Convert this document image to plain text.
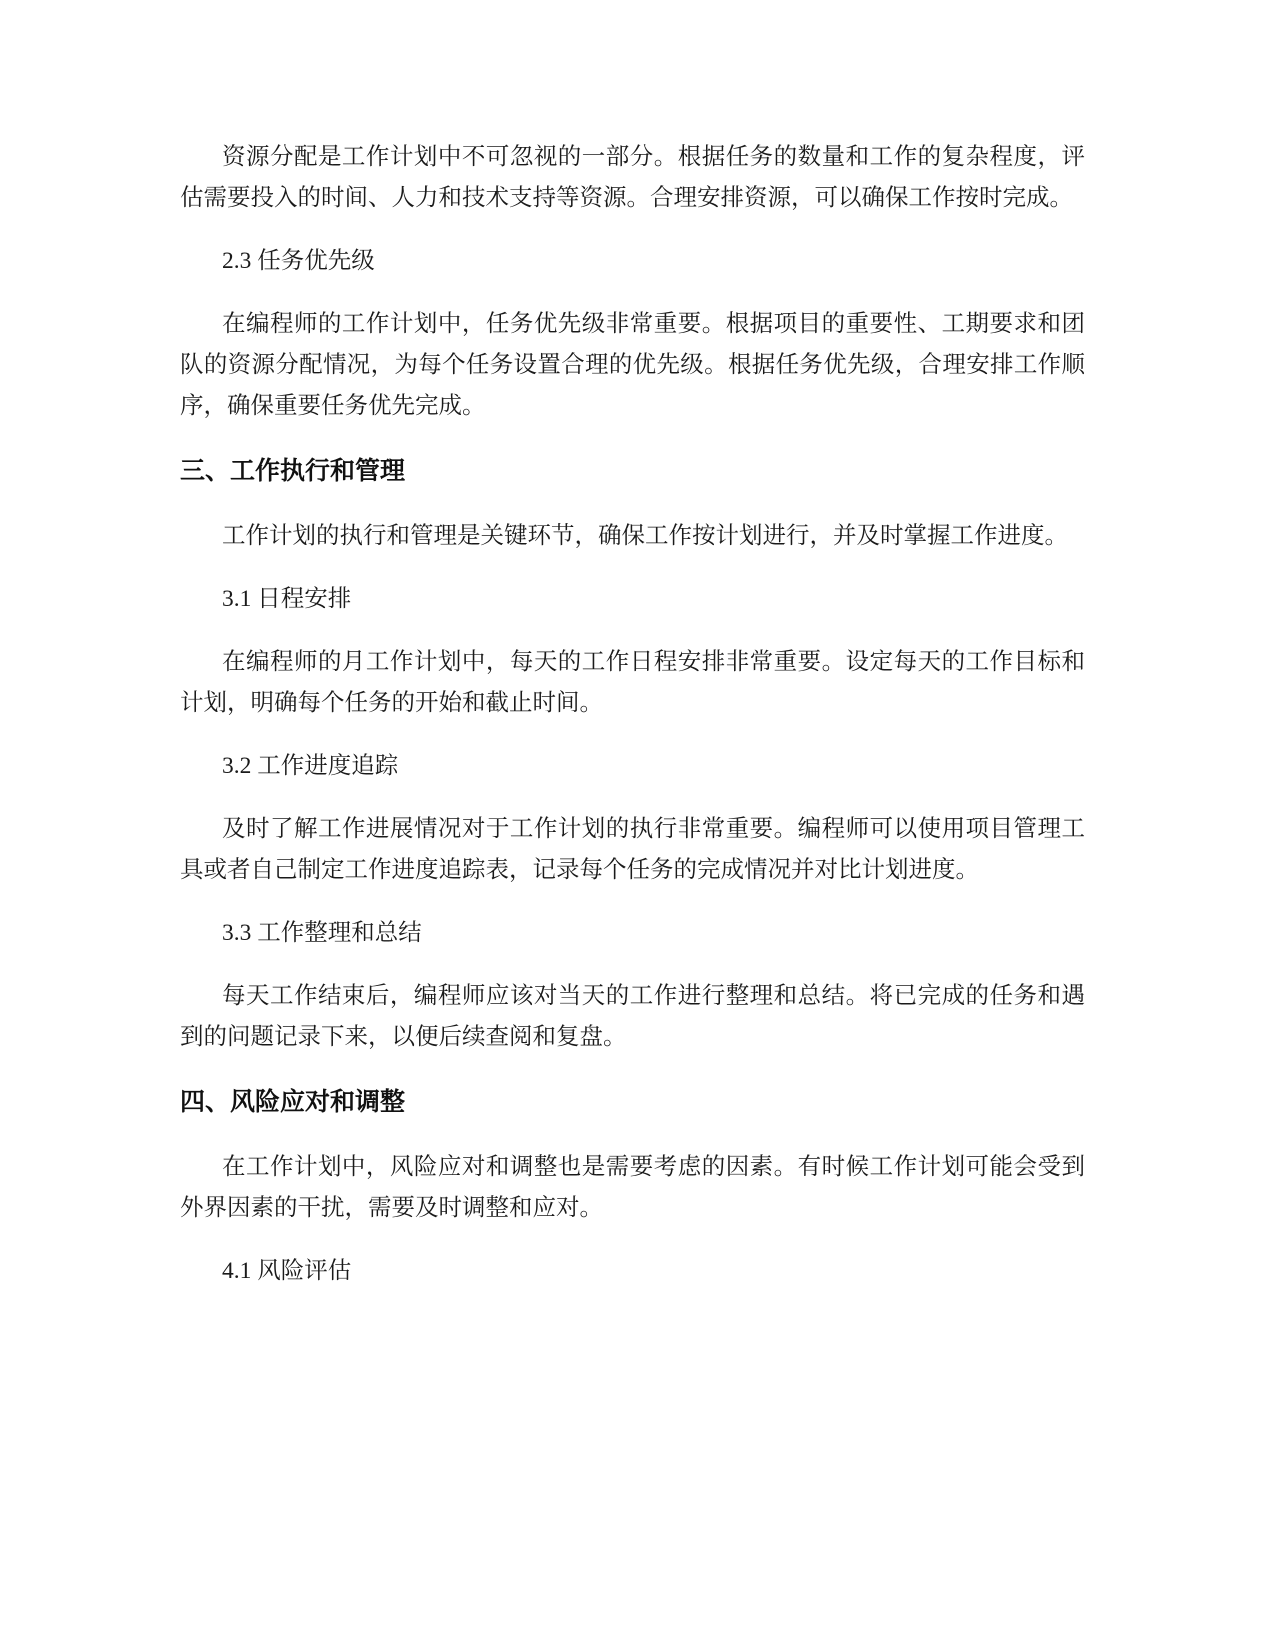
资源分配是工作计划中不可忽视的一部分。根据任务的数量和工作的复杂程度，评估需要投入的时间、人力和技术支持等资源。合理安排资源，可以确保工作按时完成。

2.3 任务优先级

在编程师的工作计划中，任务优先级非常重要。根据项目的重要性、工期要求和团队的资源分配情况，为每个任务设置合理的优先级。根据任务优先级，合理安排工作顺序，确保重要任务优先完成。

三、工作执行和管理

工作计划的执行和管理是关键环节，确保工作按计划进行，并及时掌握工作进度。

3.1 日程安排

在编程师的月工作计划中，每天的工作日程安排非常重要。设定每天的工作目标和计划，明确每个任务的开始和截止时间。

3.2 工作进度追踪

及时了解工作进展情况对于工作计划的执行非常重要。编程师可以使用项目管理工具或者自己制定工作进度追踪表，记录每个任务的完成情况并对比计划进度。

3.3 工作整理和总结

每天工作结束后，编程师应该对当天的工作进行整理和总结。将已完成的任务和遇到的问题记录下来，以便后续查阅和复盘。

四、风险应对和调整

在工作计划中，风险应对和调整也是需要考虑的因素。有时候工作计划可能会受到外界因素的干扰，需要及时调整和应对。

4.1 风险评估
